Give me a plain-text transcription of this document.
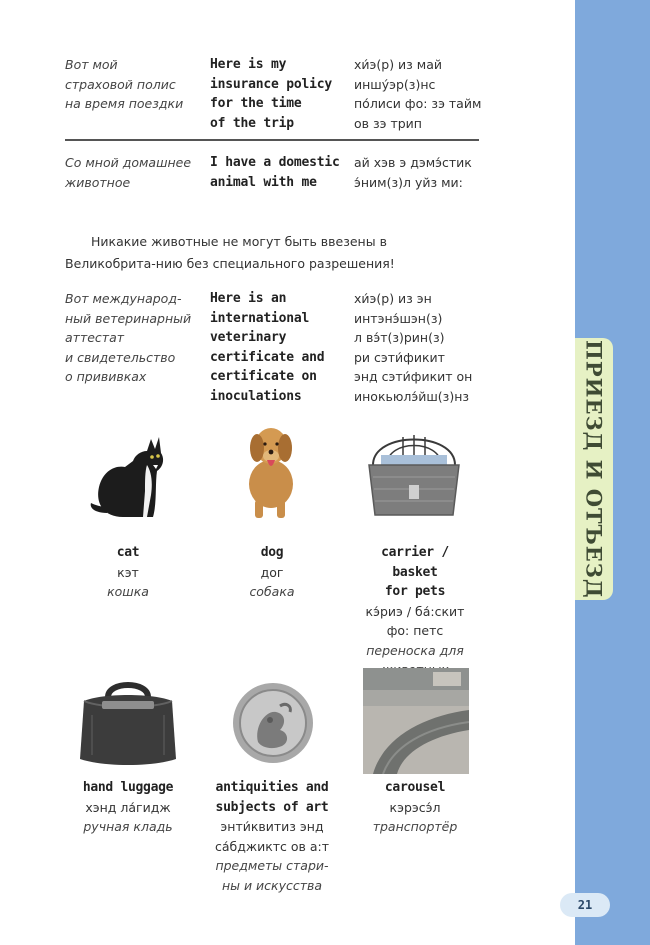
ПРИЕЗД И ОТЪЕЗД
21
Вот мой
страховой полис
на время поездки
Here is my
insurance policy
for the time
of the trip
хи́э(р) из май
иншу́эр(з)нс
по́лиси фо: зэ тайм
ов зэ трип
Со мной домашнее
животное
I have a domestic
animal with me
ай хэв э дэмэ́стик
э́ним(з)л уйз ми:
Никакие животные не могут быть ввезены в Великобрита-нию без специального разрешения!
Вот международ-
ный ветеринарный
аттестат
и свидетельство
о прививках
Here is an
international
veterinary
certificate and
certificate on
inoculations
хи́э(р) из эн
интэнэ́шэн(з)
л вэ́т(з)рин(з)
ри сэти́фикит
энд сэти́фикит он
инокьюлэ́йш(з)нз
cat
кэт
кошка
dog
дог
собака
carrier / basket
for pets
кэ́риэ / ба́:скит
фо: петс
переноска для
hand luggage
хэнд ла́гидж
ручная кладь
antiquities and
subjects of art
энти́квитиз энд
са́бджиктс ов а:т
предметы стари-
ны и искусства
carousel
кэрэсэ́л
транспортёр
